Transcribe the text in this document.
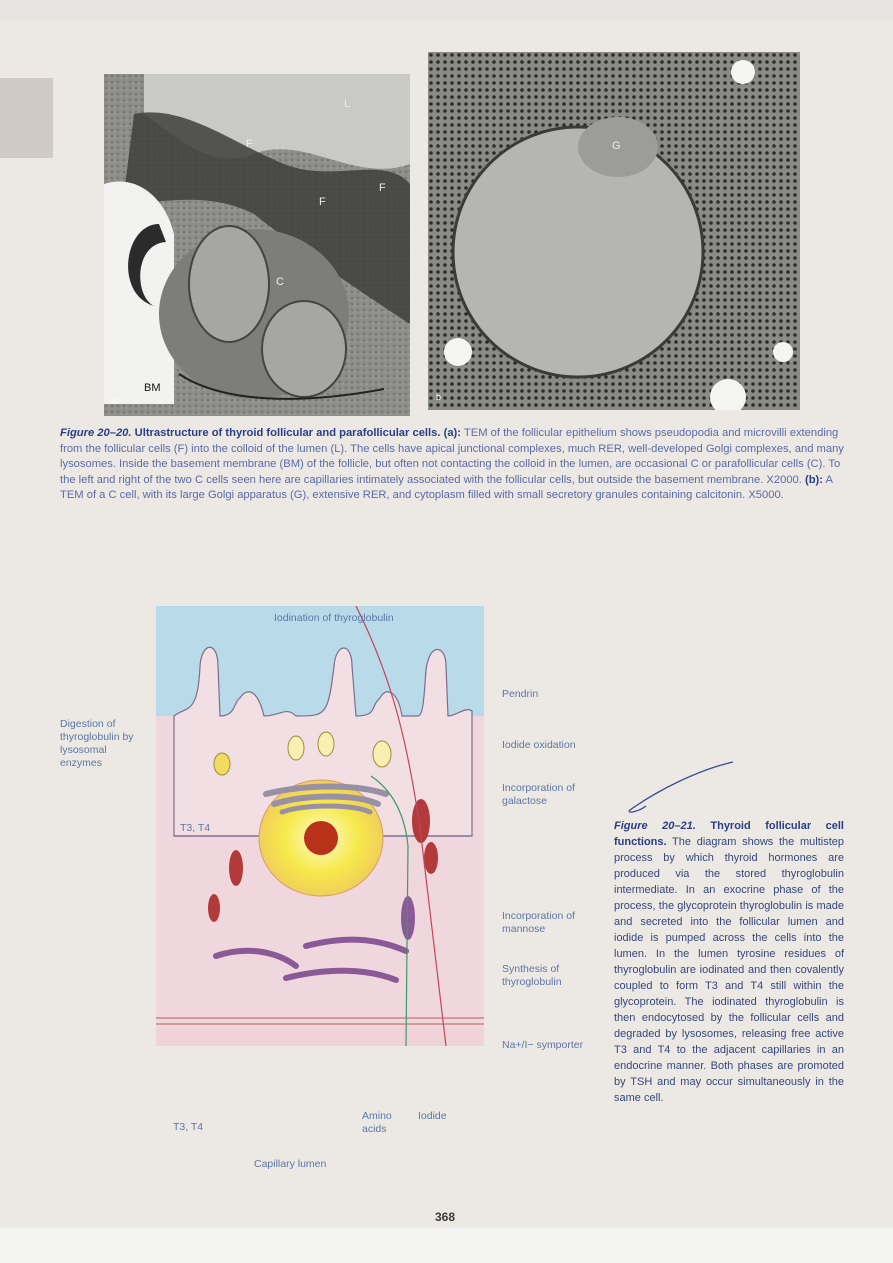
L
F
F
F
C
BM
a
G
b
Figure 20–20. Ultrastructure of thyroid follicular and parafollicular cells. (a): TEM of the follicular epithelium shows pseudopodia and microvilli extending from the follicular cells (F) into the colloid of the lumen (L). The cells have apical junctional complexes, much RER, well-developed Golgi complexes, and many lysosomes. Inside the basement membrane (BM) of the follicle, but often not contacting the colloid in the lumen, are occasional C or parafollicular cells (C). To the left and right of the two C cells seen here are capillaries intimately associated with the follicular cells, but outside the basement membrane. X2000. (b): A TEM of a C cell, with its large Golgi apparatus (G), extensive RER, and cytoplasm filled with small secretory granules containing calcitonin. X5000.
Iodination of thyroglobulin
Digestion of thyroglobulin by lysosomal enzymes
T3, T4
T3, T4
Pendrin
Iodide oxidation
Incorporation of galactose
Incorporation of mannose
Synthesis of thyroglobulin
Na+/I− symporter
Amino acids
Iodide
Capillary lumen
Figure 20–21. Thyroid follicular cell functions. The diagram shows the multistep process by which thyroid hormones are produced via the stored thyroglobulin intermediate. In an exocrine phase of the process, the glycoprotein thyroglobulin is made and secreted into the follicular lumen and iodide is pumped across the cells into the lumen. In the lumen tyrosine residues of thyroglobulin are iodinated and then covalently coupled to form T3 and T4 still within the glycoprotein. The iodinated thyroglobulin is then endocytosed by the follicular cells and degraded by lysosomes, releasing free active T3 and T4 to the adjacent capillaries in an endocrine manner. Both phases are promoted by TSH and may occur simultaneously in the same cell.
368
